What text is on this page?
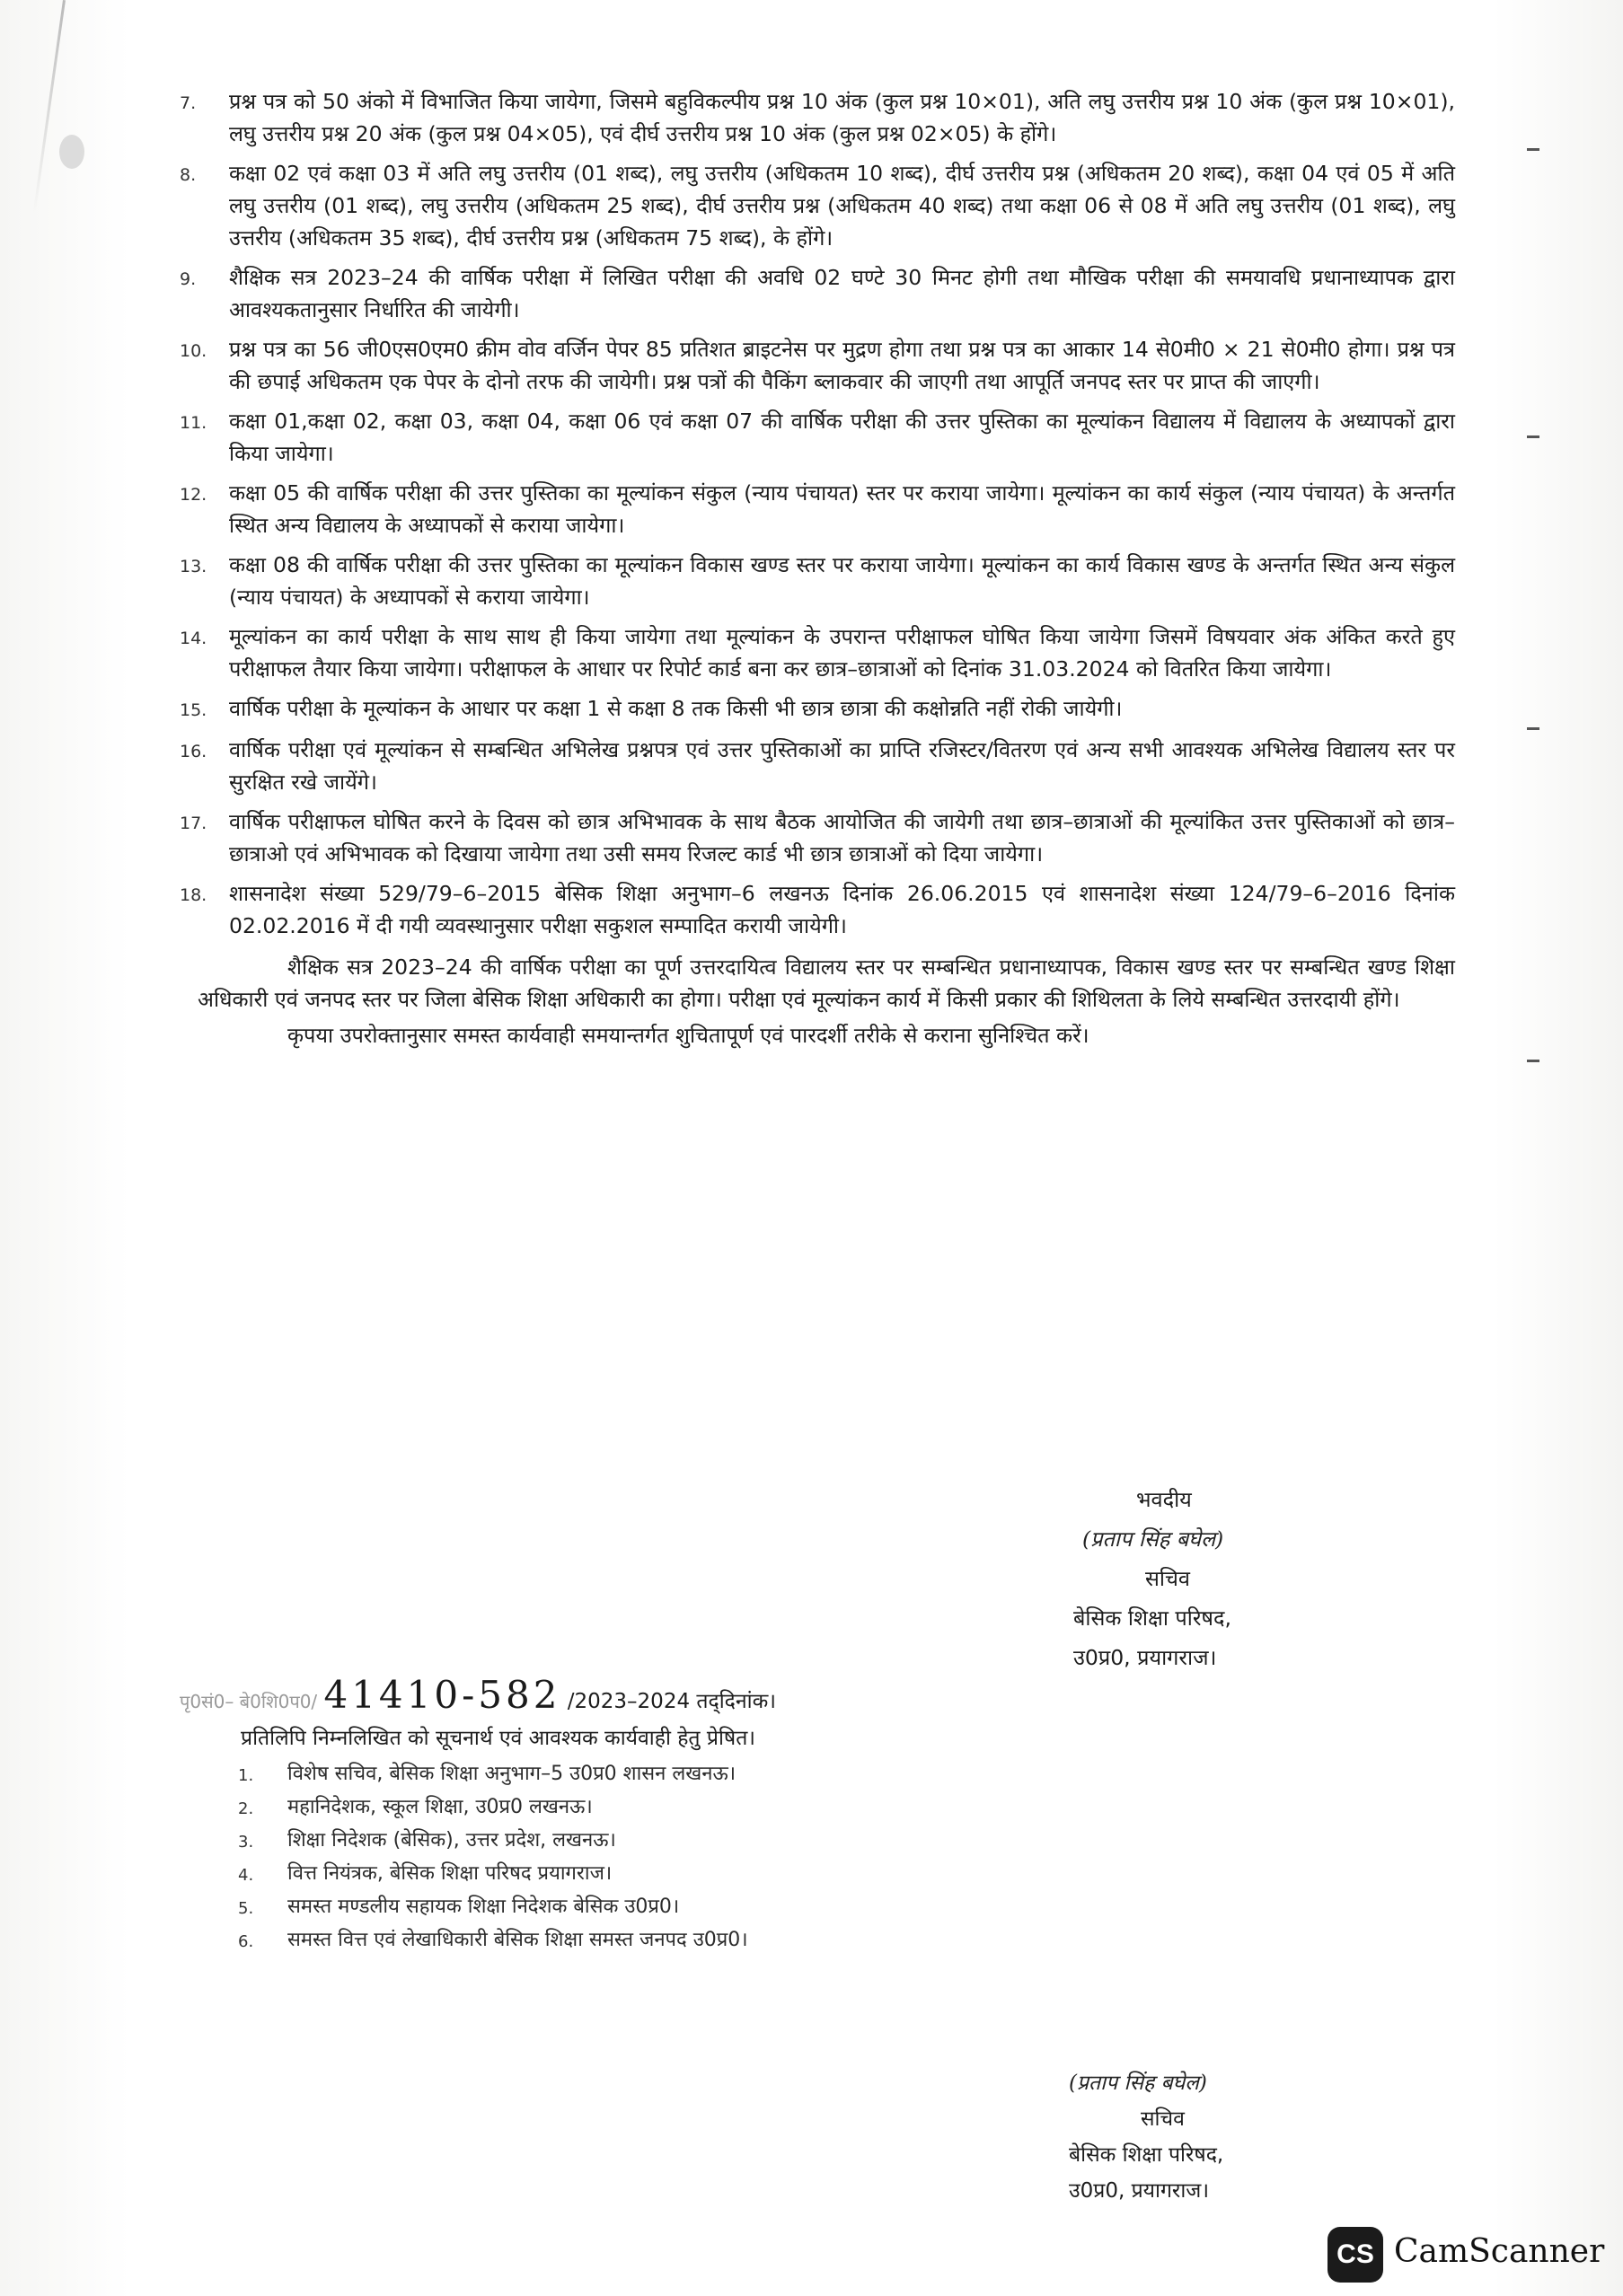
7.	प्रश्न पत्र को 50 अंको में विभाजित किया जायेगा, जिसमे बहुविकल्पीय प्रश्न 10 अंक (कुल प्रश्न 10×01), अति लघु उत्तरीय प्रश्न 10 अंक (कुल प्रश्न 10×01), लघु उत्तरीय प्रश्न 20 अंक (कुल प्रश्न 04×05), एवं दीर्घ उत्तरीय प्रश्न 10 अंक (कुल प्रश्न 02×05) के होंगे।
8.	कक्षा 02 एवं कक्षा 03 में अति लघु उत्तरीय (01 शब्द), लघु उत्तरीय (अधिकतम 10 शब्द), दीर्घ उत्तरीय प्रश्न (अधिकतम 20 शब्द), कक्षा 04 एवं 05 में अति लघु उत्तरीय (01 शब्द), लघु उत्तरीय (अधिकतम 25 शब्द), दीर्घ उत्तरीय प्रश्न (अधिकतम 40 शब्द) तथा कक्षा 06 से 08 में अति लघु उत्तरीय (01 शब्द), लघु उत्तरीय (अधिकतम 35 शब्द), दीर्घ उत्तरीय प्रश्न (अधिकतम 75 शब्द), के होंगे।
9.	शैक्षिक सत्र 2023–24 की वार्षिक परीक्षा में लिखित परीक्षा की अवधि 02 घण्टे 30 मिनट होगी तथा मौखिक परीक्षा की समयावधि प्रधानाध्यापक द्वारा आवश्यकतानुसार निर्धारित की जायेगी।
10.	प्रश्न पत्र का 56 जी0एस0एम0 क्रीम वोव वर्जिन पेपर 85 प्रतिशत ब्राइटनेस पर मुद्रण होगा तथा प्रश्न पत्र का आकार 14 से0मी0 × 21 से0मी0 होगा। प्रश्न पत्र की छपाई अधिकतम एक पेपर के दोनो तरफ की जायेगी। प्रश्न पत्रों की पैकिंग ब्लाकवार की जाएगी तथा आपूर्ति जनपद स्तर पर प्राप्त की जाएगी।
11.	कक्षा 01,कक्षा 02, कक्षा 03, कक्षा 04, कक्षा 06 एवं कक्षा 07 की वार्षिक परीक्षा की उत्तर पुस्तिका का मूल्यांकन विद्यालय में विद्यालय के अध्यापकों द्वारा किया जायेगा।
12.	कक्षा 05 की वार्षिक परीक्षा की उत्तर पुस्तिका का मूल्यांकन संकुल (न्याय पंचायत) स्तर पर कराया जायेगा। मूल्यांकन का कार्य संकुल (न्याय पंचायत) के अन्तर्गत स्थित अन्य विद्यालय के अध्यापकों से कराया जायेगा।
13.	कक्षा 08 की वार्षिक परीक्षा की उत्तर पुस्तिका का मूल्यांकन विकास खण्ड स्तर पर कराया जायेगा। मूल्यांकन का कार्य विकास खण्ड के अन्तर्गत स्थित अन्य संकुल (न्याय पंचायत) के अध्यापकों से कराया जायेगा।
14.	मूल्यांकन का कार्य परीक्षा के साथ साथ ही किया जायेगा तथा मूल्यांकन के उपरान्त परीक्षाफल घोषित किया जायेगा जिसमें विषयवार अंक अंकित करते हुए परीक्षाफल तैयार किया जायेगा। परीक्षाफल के आधार पर रिपोर्ट कार्ड बना कर छात्र–छात्राओं को दिनांक 31.03.2024 को वितरित किया जायेगा।
15.	वार्षिक परीक्षा के मूल्यांकन के आधार पर कक्षा 1 से कक्षा 8 तक किसी भी छात्र छात्रा की कक्षोन्नति नहीं रोकी जायेगी।
16.	वार्षिक परीक्षा एवं मूल्यांकन से सम्बन्धित अभिलेख प्रश्नपत्र एवं उत्तर पुस्तिकाओं का प्राप्ति रजिस्टर/वितरण एवं अन्य सभी आवश्यक अभिलेख विद्यालय स्तर पर सुरक्षित रखे जायेंगे।
17.	वार्षिक परीक्षाफल घोषित करने के दिवस को छात्र अभिभावक के साथ बैठक आयोजित की जायेगी तथा छात्र–छात्राओं की मूल्यांकित उत्तर पुस्तिकाओं को छात्र–छात्राओ एवं अभिभावक को दिखाया जायेगा तथा उसी समय रिजल्ट कार्ड भी छात्र छात्राओं को दिया जायेगा।
18.	शासनादेश संख्या 529/79–6–2015 बेसिक शिक्षा अनुभाग–6 लखनऊ दिनांक 26.06.2015 एवं शासनादेश संख्या 124/79–6–2016 दिनांक 02.02.2016 में दी गयी व्यवस्थानुसार परीक्षा सकुशल सम्पादित करायी जायेगी।

शैक्षिक सत्र 2023–24 की वार्षिक परीक्षा का पूर्ण उत्तरदायित्व विद्यालय स्तर पर सम्बन्धित प्रधानाध्यापक, विकास खण्ड स्तर पर सम्बन्धित खण्ड शिक्षा अधिकारी एवं जनपद स्तर पर जिला बेसिक शिक्षा अधिकारी का होगा। परीक्षा एवं मूल्यांकन कार्य में किसी प्रकार की शिथिलता के लिये सम्बन्धित उत्तरदायी होंगे।

कृपया उपरोक्तानुसार समस्त कार्यवाही समयान्तर्गत शुचितापूर्ण एवं पारदर्शी तरीके से कराना सुनिश्चित करें।

भवदीय
(प्रताप सिंह बघेल)
सचिव
बेसिक शिक्षा परिषद,
उ0प्र0, प्रयागराज।
पृ0सं0– बे0शि0प0/ 41410-582 /2023–2024 तद्‌दिनांक।
प्रतिलिपि निम्नलिखित को सूचनार्थ एवं आवश्यक कार्यवाही हेतु प्रेषित।
1.	विशेष सचिव, बेसिक शिक्षा अनुभाग–5 उ0प्र0 शासन लखनऊ।
2.	महानिदेशक, स्कूल शिक्षा, उ0प्र0 लखनऊ।
3.	शिक्षा निदेशक (बेसिक), उत्तर प्रदेश, लखनऊ।
4.	वित्त नियंत्रक, बेसिक शिक्षा परिषद प्रयागराज।
5.	समस्त मण्डलीय सहायक शिक्षा निदेशक बेसिक उ0प्र0।
6.	समस्त वित्त एवं लेखाधिकारी बेसिक शिक्षा समस्त जनपद उ0प्र0।
(प्रताप सिंह बघेल)
सचिव
बेसिक शिक्षा परिषद,
उ0प्र0, प्रयागराज।
CS CamScanner
